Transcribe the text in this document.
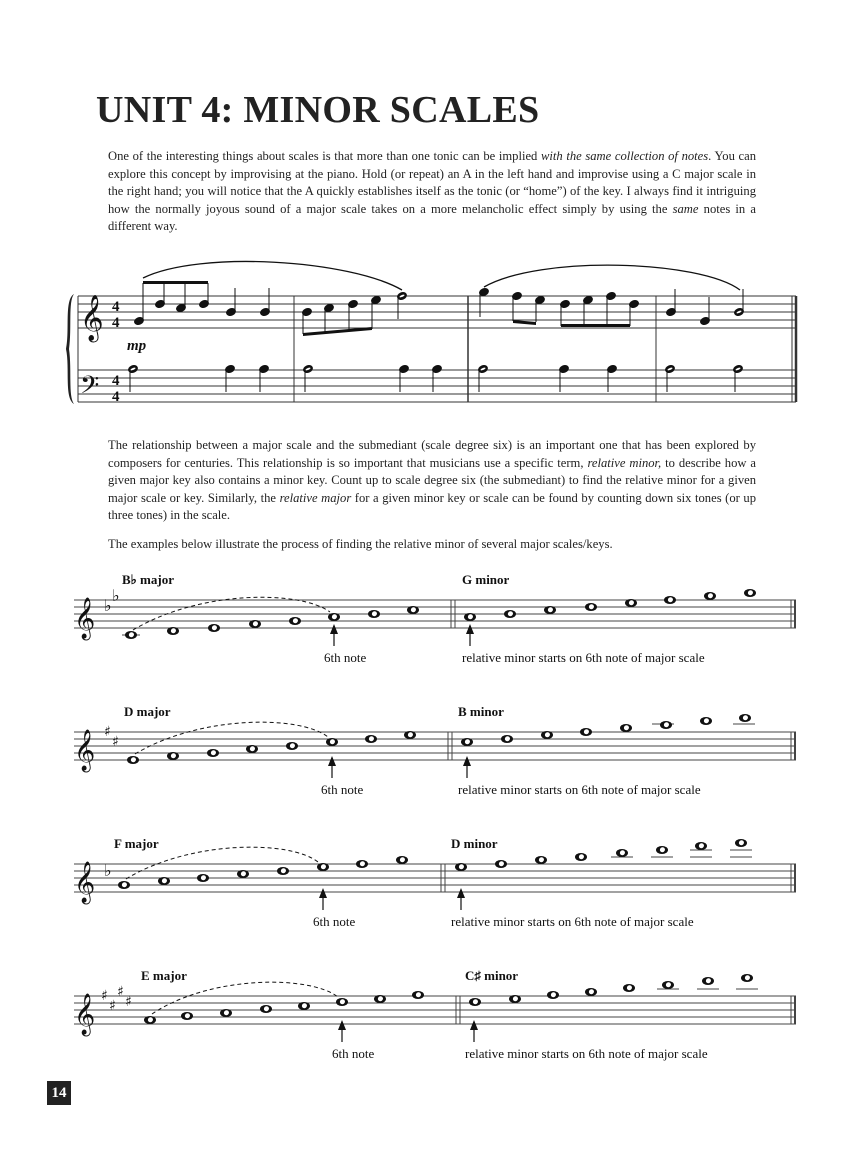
UNIT 4: MINOR SCALES

One of the interesting things about scales is that more than one tonic can be implied with the same collection of notes. You can explore this concept by improvising at the piano. Hold (or repeat) an A in the left hand and improvise using a C major scale in the right hand; you will notice that the A quickly establishes itself as the tonic (or “home”) of the key. I always find it intriguing how the normally joyous sound of a major scale takes on a more melancholic effect simply by using the same notes in a different way.

The relationship between a major scale and the submediant (scale degree six) is an important one that has been explored by composers for centuries. This relationship is so important that musicians use a specific term, relative minor, to describe how a given major key also contains a minor key. Count up to scale degree six (the submediant) to find the relative minor for a given major scale or key. Similarly, the relative major for a given minor key or scale can be found by counting down six tones (or up three tones) in the scale.

The examples below illustrate the process of finding the relative minor of several major scales/keys.

𝄞
𝄢
4
4
4
4
mp
𝄞 ♭
♭
B♭ major	G minor
6th note	relative minor starts on 6th note of major scale
𝄞 ♯
♯
D major	B minor
6th note	relative minor starts on 6th note of major scale
𝄞 ♭
F major	D minor
6th note	relative minor starts on 6th note of major scale
𝄞 ♯
♯
♯
♯
E major	C♯ minor
6th note	relative minor starts on 6th note of major scale
14
